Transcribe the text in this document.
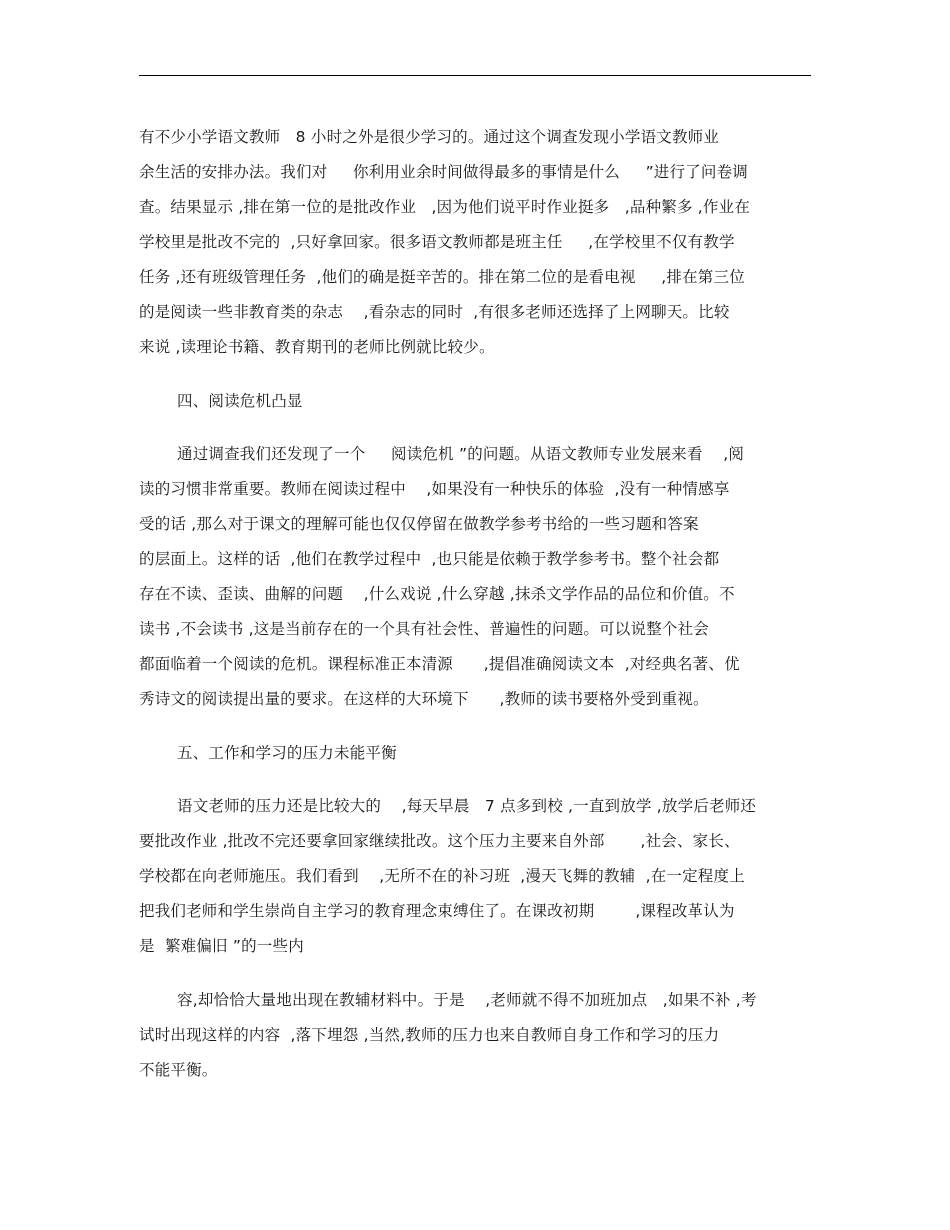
有不少小学语文教师   8 小时之外是很少学习的。通过这个调查发现小学语文教师业
余生活的安排办法。我们对     你利用业余时间做得最多的事情是什么     ”进行了问卷调
查。结果显示 ,排在第一位的是批改作业   ,因为他们说平时作业挺多   ,品种繁多 ,作业在
学校里是批改不完的  ,只好拿回家。很多语文教师都是班主任     ,在学校里不仅有教学
任务 ,还有班级管理任务  ,他们的确是挺辛苦的。排在第二位的是看电视     ,排在第三位
的是阅读一些非教育类的杂志    ,看杂志的同时  ,有很多老师还选择了上网聊天。比较
来说 ,读理论书籍、教育期刊的老师比例就比较少。
四、阅读危机凸显
通过调查我们还发现了一个     阅读危机 ”的问题。从语文教师专业发展来看    ,阅
读的习惯非常重要。教师在阅读过程中    ,如果没有一种快乐的体验  ,没有一种情感享
受的话 ,那么对于课文的理解可能也仅仅停留在做教学参考书给的一些习题和答案
的层面上。这样的话  ,他们在教学过程中  ,也只能是依赖于教学参考书。整个社会都
存在不读、歪读、曲解的问题    ,什么戏说 ,什么穿越 ,抹杀文学作品的品位和价值。不
读书 ,不会读书 ,这是当前存在的一个具有社会性、普遍性的问题。可以说整个社会
都面临着一个阅读的危机。课程标准正本清源      ,提倡准确阅读文本  ,对经典名著、优
秀诗文的阅读提出量的要求。在这样的大环境下      ,教师的读书要格外受到重视。
五、工作和学习的压力未能平衡
语文老师的压力还是比较大的    ,每天早晨   7 点多到校 ,一直到放学 ,放学后老师还
要批改作业 ,批改不完还要拿回家继续批改。这个压力主要来自外部       ,社会、家长、
学校都在向老师施压。我们看到    ,无所不在的补习班  ,漫天飞舞的教辅  ,在一定程度上
把我们老师和学生崇尚自主学习的教育理念束缚住了。在课改初期        ,课程改革认为
是  繁难偏旧 ”的一些内
容,却恰恰大量地出现在教辅材料中。于是    ,老师就不得不加班加点   ,如果不补 ,考
试时出现这样的内容  ,落下埋怨 ,当然,教师的压力也来自教师自身工作和学习的压力
不能平衡。
